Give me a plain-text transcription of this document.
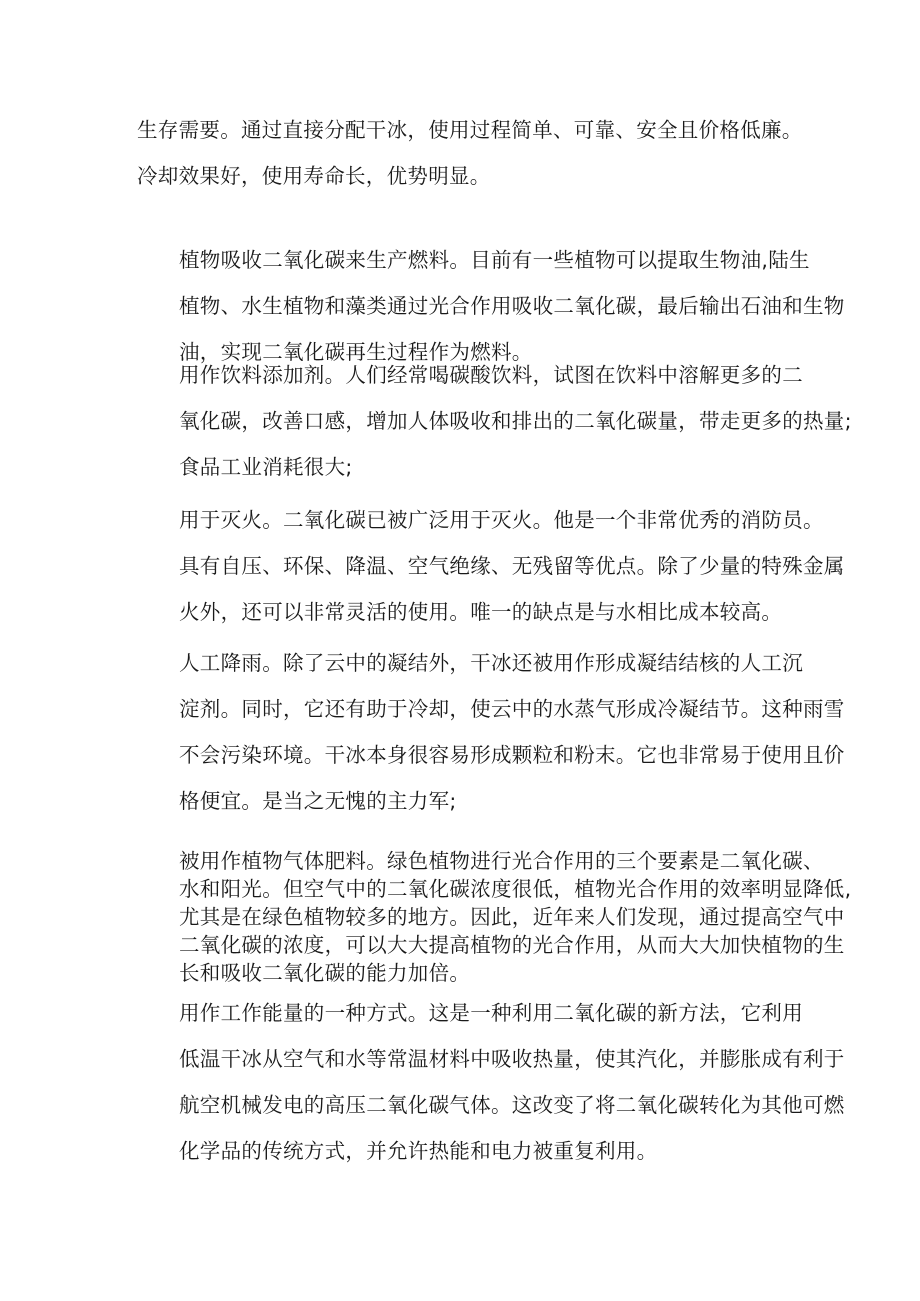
生存需要。通过直接分配干冰，使用过程简单、可靠、安全且价格低廉。
冷却效果好，使用寿命长，优势明显。
植物吸收二氧化碳来生产燃料。目前有一些植物可以提取生物油,陆生
植物、水生植物和藻类通过光合作用吸收二氧化碳，最后输出石油和生物
油，实现二氧化碳再生过程作为燃料。
用作饮料添加剂。人们经常喝碳酸饮料，试图在饮料中溶解更多的二
氧化碳，改善口感，增加人体吸收和排出的二氧化碳量，带走更多的热量;
食品工业消耗很大;
用于灭火。二氧化碳已被广泛用于灭火。他是一个非常优秀的消防员。
具有自压、环保、降温、空气绝缘、无残留等优点。除了少量的特殊金属
火外，还可以非常灵活的使用。唯一的缺点是与水相比成本较高。
人工降雨。除了云中的凝结外，干冰还被用作形成凝结结核的人工沉
淀剂。同时，它还有助于冷却，使云中的水蒸气形成冷凝结节。这种雨雪
不会污染环境。干冰本身很容易形成颗粒和粉末。它也非常易于使用且价
格便宜。是当之无愧的主力军;
被用作植物气体肥料。绿色植物进行光合作用的三个要素是二氧化碳、
水和阳光。但空气中的二氧化碳浓度很低，植物光合作用的效率明显降低,
尤其是在绿色植物较多的地方。因此，近年来人们发现，通过提高空气中
二氧化碳的浓度，可以大大提高植物的光合作用，从而大大加快植物的生
长和吸收二氧化碳的能力加倍。
用作工作能量的一种方式。这是一种利用二氧化碳的新方法，它利用
低温干冰从空气和水等常温材料中吸收热量，使其汽化，并膨胀成有利于
航空机械发电的高压二氧化碳气体。这改变了将二氧化碳转化为其他可燃
化学品的传统方式，并允许热能和电力被重复利用。
